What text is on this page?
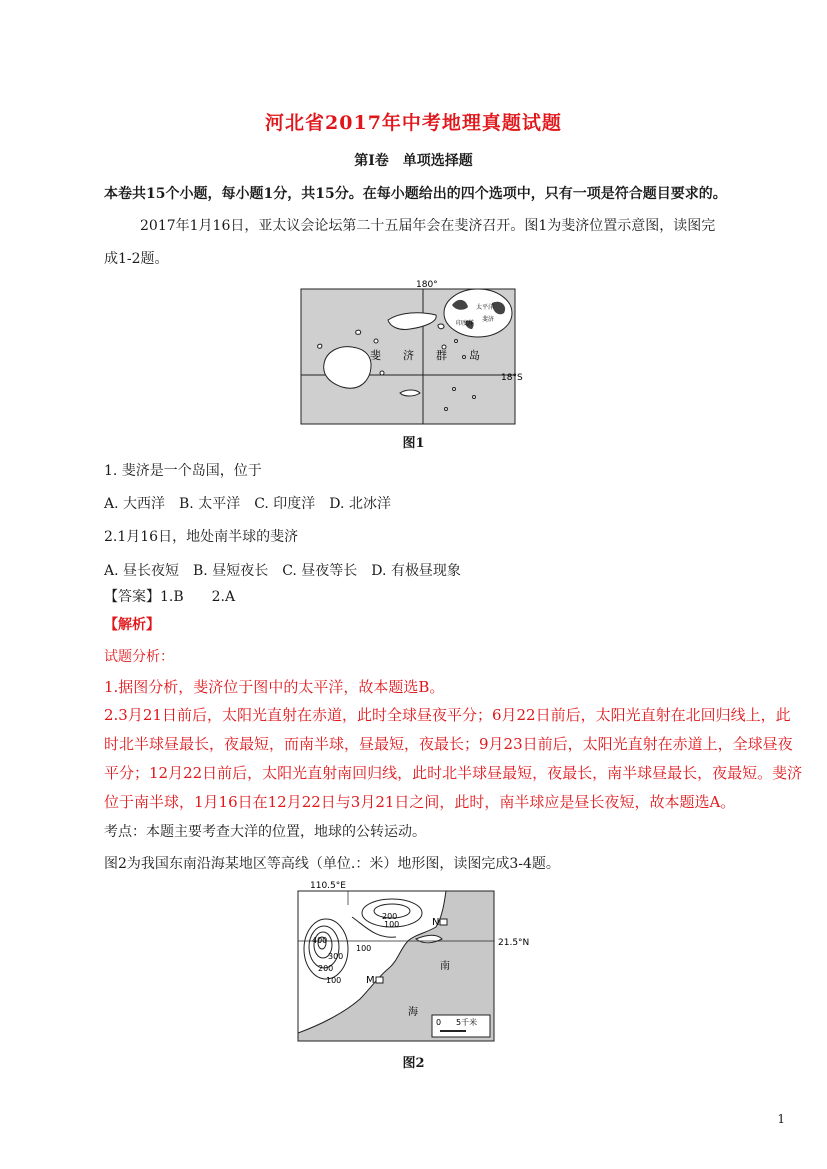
河北省2017年中考地理真题试题
第Ⅰ卷　单项选择题
本卷共15个小题，每小题1分，共15分。在每小题给出的四个选项中，只有一项是符合题目要求的。
2017年1月16日，亚太议会论坛第二十五届年会在斐济召开。图1为斐济位置示意图，读图完
成1-2题。
180°
18°S
斐　　济　　群　　岛
太平洋
印度洋
斐济
图1
1. 斐济是一个岛国，位于
A. 大西洋　B. 太平洋　C. 印度洋　D. 北冰洋
2.1月16日，地处南半球的斐济
A. 昼长夜短　B. 昼短夜长　C. 昼夜等长　D. 有极昼现象
【答案】1.B　　2.A
【解析】
试题分析：
1.据图分析，斐济位于图中的太平洋，故本题选B。
2.3月21日前后，太阳光直射在赤道，此时全球昼夜平分；6月22日前后，太阳光直射在北回归线上，此
时北半球昼最长，夜最短，而南半球，昼最短，夜最长；9月23日前后，太阳光直射在赤道上，全球昼夜
平分；12月22日前后，太阳光直射南回归线，此时北半球昼最短，夜最长，南半球昼最长，夜最短。斐济
位于南半球，1月16日在12月22日与3月21日之间，此时，南半球应是昼长夜短，故本题选A。
考点：本题主要考查大洋的位置，地球的公转运动。
图2为我国东南沿海某地区等高线（单位.：米）地形图，读图完成3-4题。
110.5°E
21.5°N
200
100
400
300
200
100
100
N
M
南
海
0 5千米
图2
1
